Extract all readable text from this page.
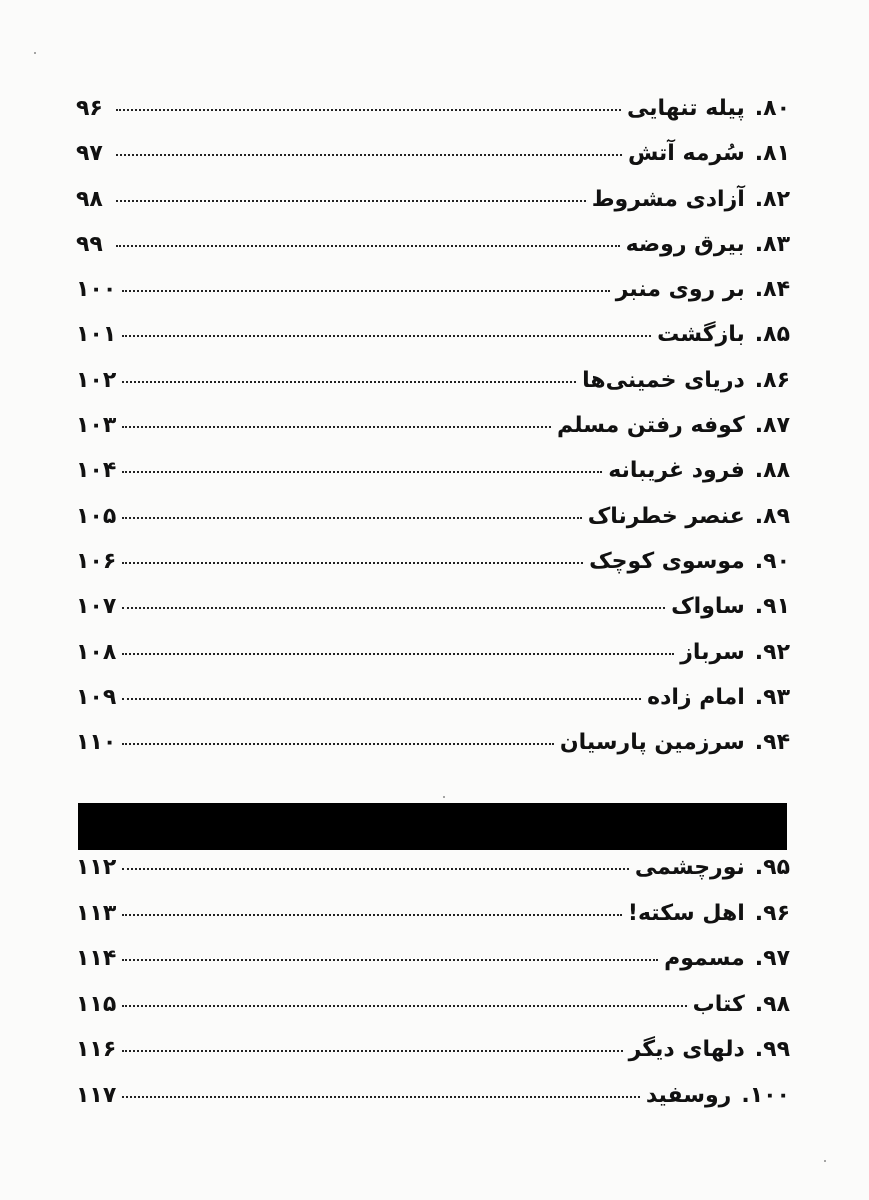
۸۰.
پیله تنهایی
۹۶
۸۱.
سُرمه آتش
۹۷
۸۲.
آزادی مشروط
۹۸
۸۳.
بیرق روضه
۹۹
۸۴.
بر روی منبر
۱۰۰
۸۵.
بازگشت
۱۰۱
۸۶.
دریای خمینی‌ها
۱۰۲
۸۷.
کوفه رفتن مسلم
۱۰۳
۸۸.
فرود غریبانه
۱۰۴
۸۹.
عنصر خطرناک
۱۰۵
۹۰.
موسوی کوچک
۱۰۶
۹۱.
ساواک
۱۰۷
۹۲.
سرباز
۱۰۸
۹۳.
امام زاده
۱۰۹
۹۴.
سرزمین پارسیان
۱۱۰
۹۵.
نورچشمی
۱۱۲
۹۶.
اهل سکته!
۱۱۳
۹۷.
مسموم
۱۱۴
۹۸.
کتاب
۱۱۵
۹۹.
دلهای دیگر
۱۱۶
۱۰۰.
روسفید
۱۱۷
